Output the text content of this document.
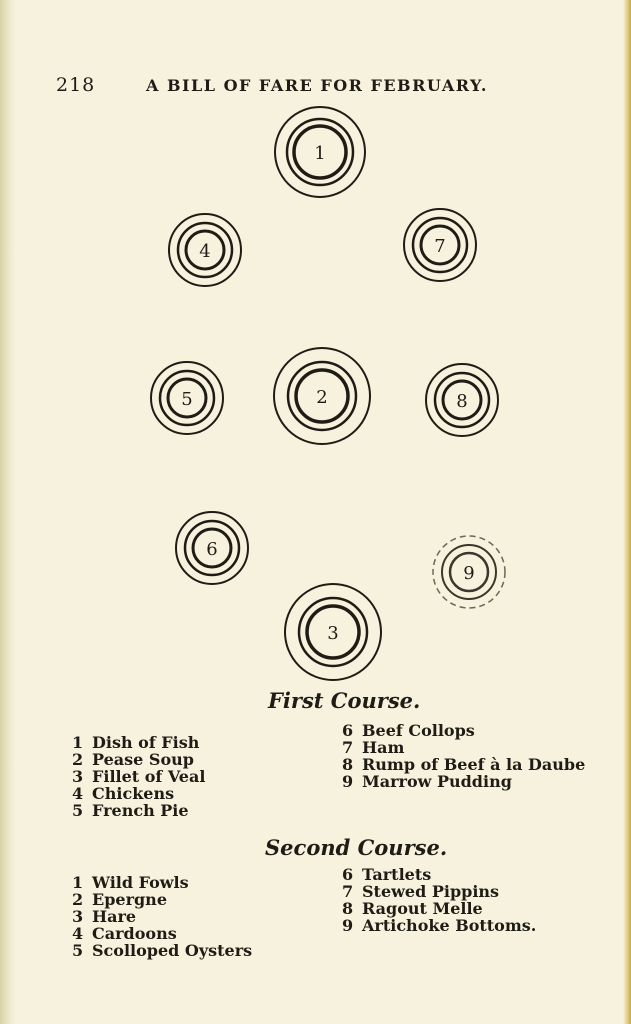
218	A BILL OF FARE FOR FEBRUARY.
1
4	7
5	2	8
6
9
3
First Course.
1 Dish of Fish
2 Pease Soup
3 Fillet of Veal
4 Chickens
5 French Pie
6 Beef Collops
7 Ham
8 Rump of Beef à la Daube
9 Marrow Pudding
Second Course.
1 Wild Fowls
2 Epergne
3 Hare
4 Cardoons
5 Scolloped Oysters
6 Tartlets
7 Stewed Pippins
8 Ragout Melle
9 Artichoke Bottoms.
